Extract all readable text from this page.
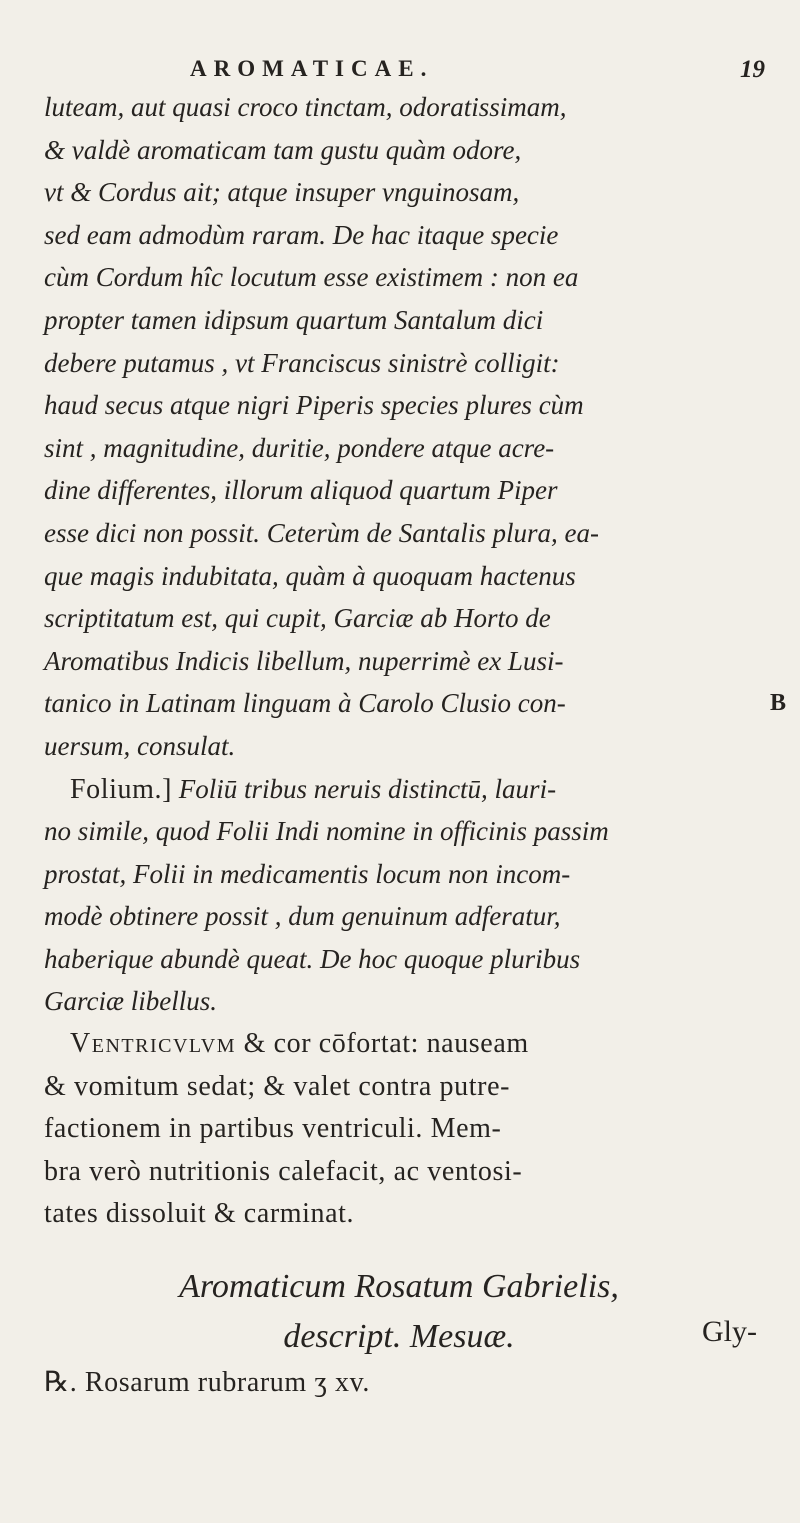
AROMATICAE.	19
B
luteam, aut quasi croco tinctam, odoratissimam,
& valdè aromaticam tam gustu quàm odore,
vt & Cordus ait; atque insuper vnguinosam,
sed eam admodùm raram. De hac itaque specie
cùm Cordum hîc locutum esse existimem : non ea
propter tamen idipsum quartum Santalum dici
debere putamus , vt Franciscus sinistrè colligit:
haud secus atque nigri Piperis species plures cùm
sint , magnitudine, duritie, pondere atque acre-
dine differentes, illorum aliquod quartum Piper
esse dici non possit. Ceterùm de Santalis plura, ea-
que magis indubitata, quàm à quoquam hactenus
scriptitatum est, qui cupit, Garciæ ab Horto de
Aromatibus Indicis libellum, nuperrimè ex Lusi-
tanico in Latinam linguam à Carolo Clusio con-
uersum, consulat.
Folium.] Foliū tribus neruis distinctū, lauri-
no simile, quod Folii Indi nomine in officinis passim
prostat, Folii in medicamentis locum non incom-
modè obtinere possit , dum genuinum adferatur,
haberique abundè queat. De hoc quoque pluribus
Garciæ libellus.
Ventricvlvm & cor cōfortat: nauseam
& vomitum sedat; & valet contra putre-
factionem in partibus ventriculi. Mem-
bra verò nutritionis calefacit, ac ventosi-
tates dissoluit & carminat.
Aromaticum Rosatum Gabrielis,
descript. Mesuæ.
℞. Rosarum rubrarum ʒ xv.
Gly-
